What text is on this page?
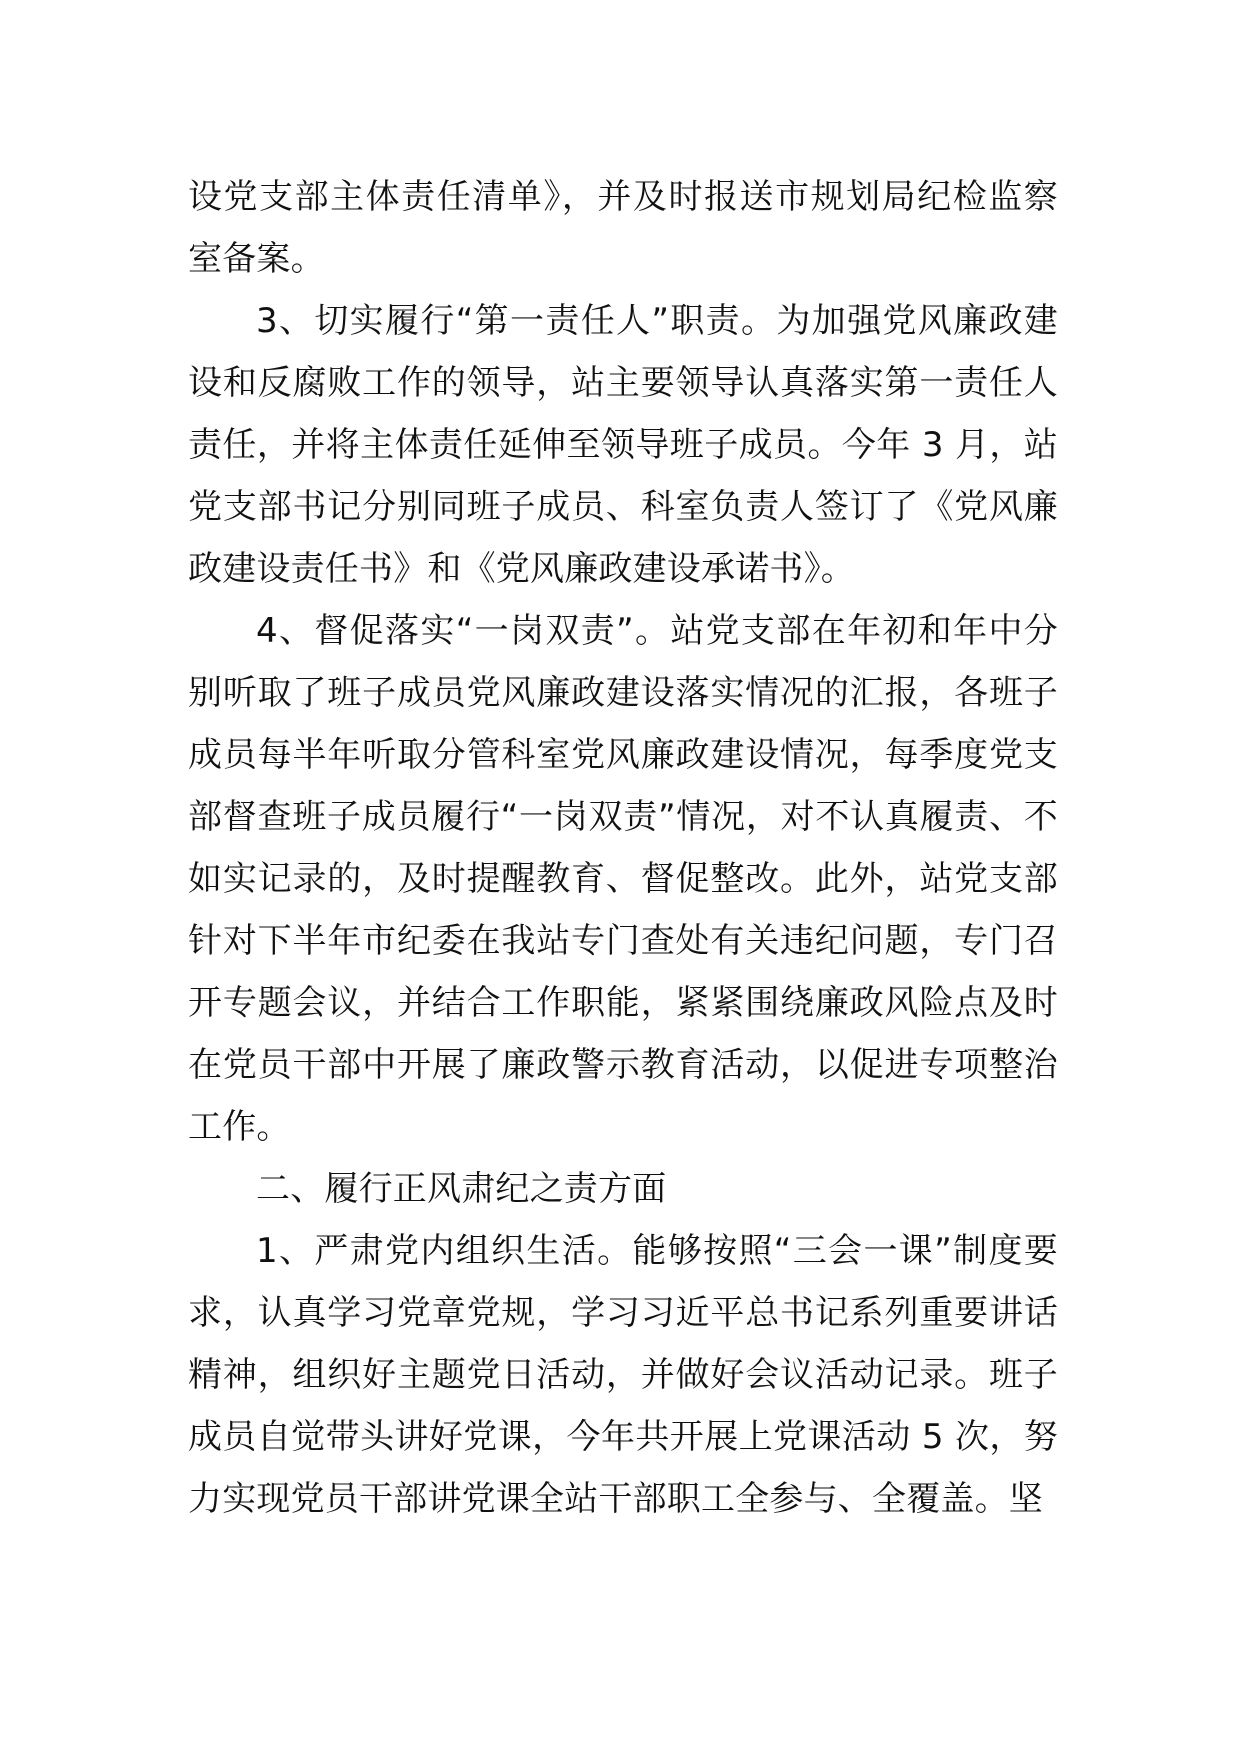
设党支部主体责任清单》，并及时报送市规划局纪检监察室备案。

3、切实履行“第一责任人”职责。为加强党风廉政建设和反腐败工作的领导，站主要领导认真落实第一责任人责任，并将主体责任延伸至领导班子成员。今年 3 月，站党支部书记分别同班子成员、科室负责人签订了《党风廉政建设责任书》和《党风廉政建设承诺书》。

4、督促落实“一岗双责”。站党支部在年初和年中分别听取了班子成员党风廉政建设落实情况的汇报，各班子成员每半年听取分管科室党风廉政建设情况，每季度党支部督查班子成员履行“一岗双责”情况，对不认真履责、不如实记录的，及时提醒教育、督促整改。此外，站党支部针对下半年市纪委在我站专门查处有关违纪问题，专门召开专题会议，并结合工作职能，紧紧围绕廉政风险点及时在党员干部中开展了廉政警示教育活动，以促进专项整治工作。

二、履行正风肃纪之责方面

1、严肃党内组织生活。能够按照“三会一课”制度要求，认真学习党章党规，学习习近平总书记系列重要讲话精神，组织好主题党日活动，并做好会议活动记录。班子成员自觉带头讲好党课，今年共开展上党课活动 5 次，努力实现党员干部讲党课全站干部职工全参与、全覆盖。坚
